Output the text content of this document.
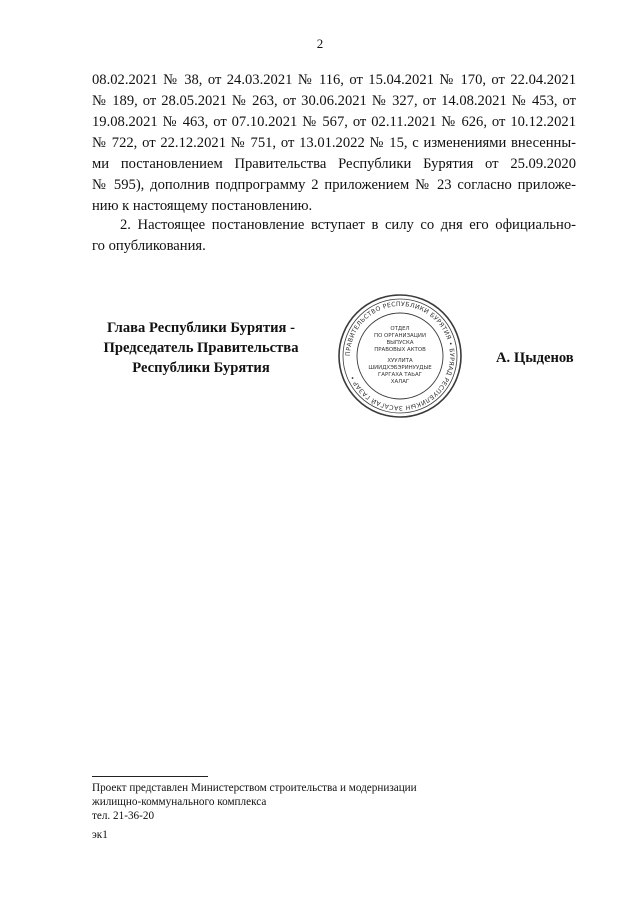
2
08.02.2021 № 38, от 24.03.2021 № 116, от 15.04.2021 № 170, от 22.04.2021
№ 189, от 28.05.2021 № 263, от 30.06.2021 № 327, от 14.08.2021 № 453, от
19.08.2021 № 463, от 07.10.2021 № 567, от 02.11.2021 № 626, от 10.12.2021
№ 722, от 22.12.2021 № 751, от 13.01.2022 № 15, с изменениями внесенны-
ми постановлением Правительства Республики Бурятия от 25.09.2020
№ 595), дополнив подпрограмму 2 приложением № 23 согласно приложе-
нию к настоящему постановлению.
2. Настоящее постановление вступает в силу со дня его официально-
го опубликования.
Глава Республики Бурятия -
Председатель Правительства
Республики Бурятия
ПРАВИТЕЛЬСТВО РЕСПУБЛИКИ БУРЯТИЯ • БУРЯАД РЕСПУБЛИКЫН ЗАСАГАЙ ГАЗАР •
ОТДЕЛ
ПО ОРГАНИЗАЦИИ
ВЫПУСКА
ПРАВОВЫХ АКТОВ
ХУУЛИТА
ШИИДХЭБЭРИНУУДЫЕ
ГАРГАХА ТАЬАГ
ХАЛАГ
А. Цыденов
Проект представлен Министерством строительства и модернизации
жилищно-коммунального комплекса
тел. 21-36-20
эк1
